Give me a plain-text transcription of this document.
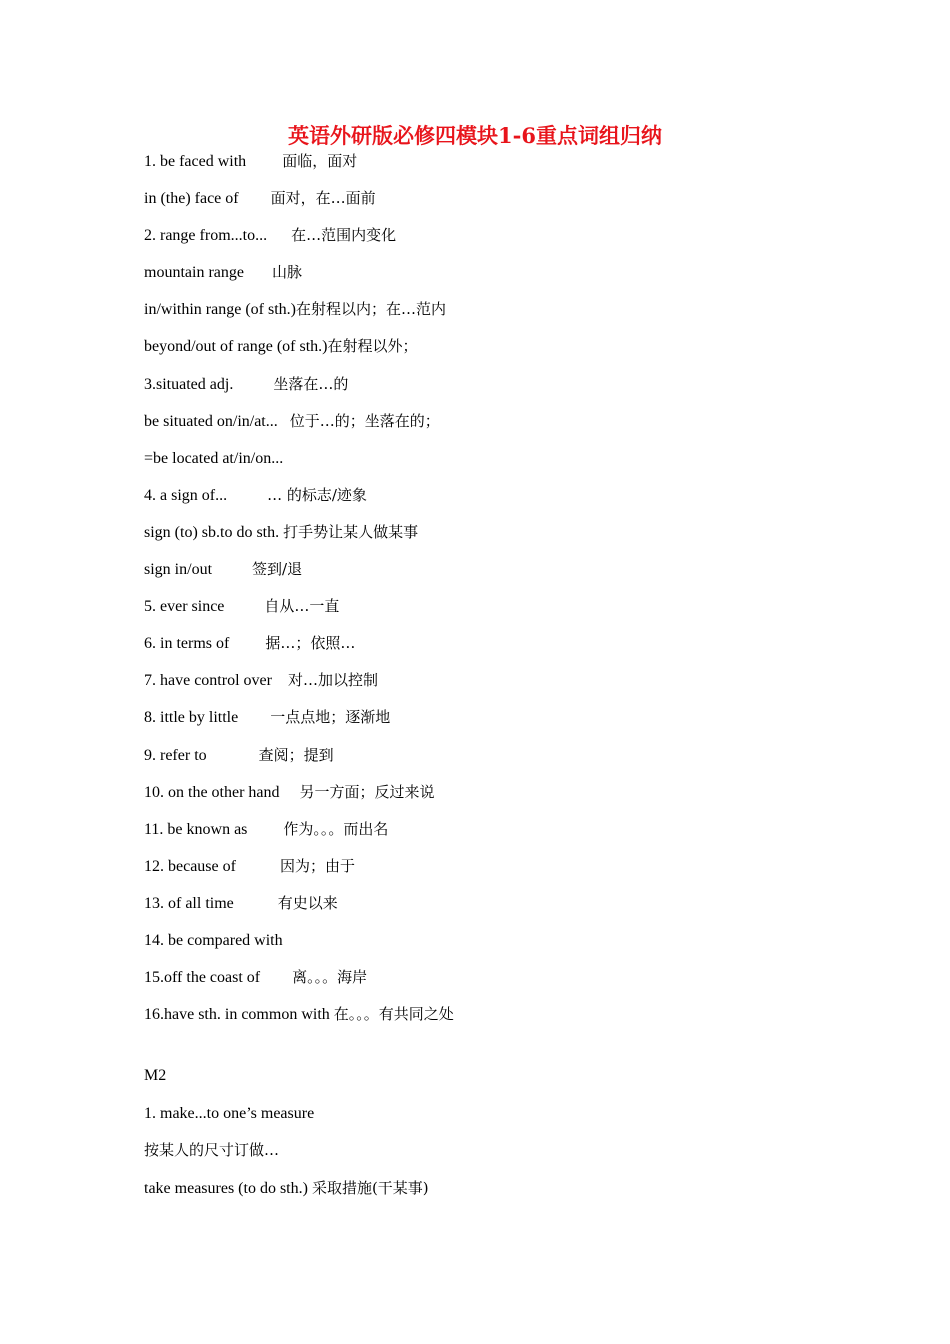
英语外研版必修四模块1-6重点词组归纳
1. be faced with 面临，面对
in (the) face of 面对，在…面前
2. range from...to... 在…范围内变化
mountain range 山脉
in/within range (of sth.)在射程以内；在…范内
beyond/out of range (of sth.)在射程以外；
3.situated adj.	坐落在…的
be situated on/in/at... 位于…的；坐落在的；
=be located at/in/on...
4. a sign of...	… 的标志/迹象
sign (to) sb.to do sth. 打手势让某人做某事
sign in/out	签到/退
5. ever since	自从…一直
6. in terms of 据…；依照…
7. have control over 对…加以控制
8. ittle by little 一点点地；逐渐地
9. refer to	查阅；提到
10. on the other hand 另一方面；反过来说
11. be known as 作为。。。而出名
12. because of	因为；由于
13. of all time	有史以来
14. be compared with
15.off the coast of 离。。。海岸
16.have sth. in common with 在。。。有共同之处
M2
1. make...to one’s measure
按某人的尺寸订做…
take measures (to do sth.) 采取措施(干某事)
